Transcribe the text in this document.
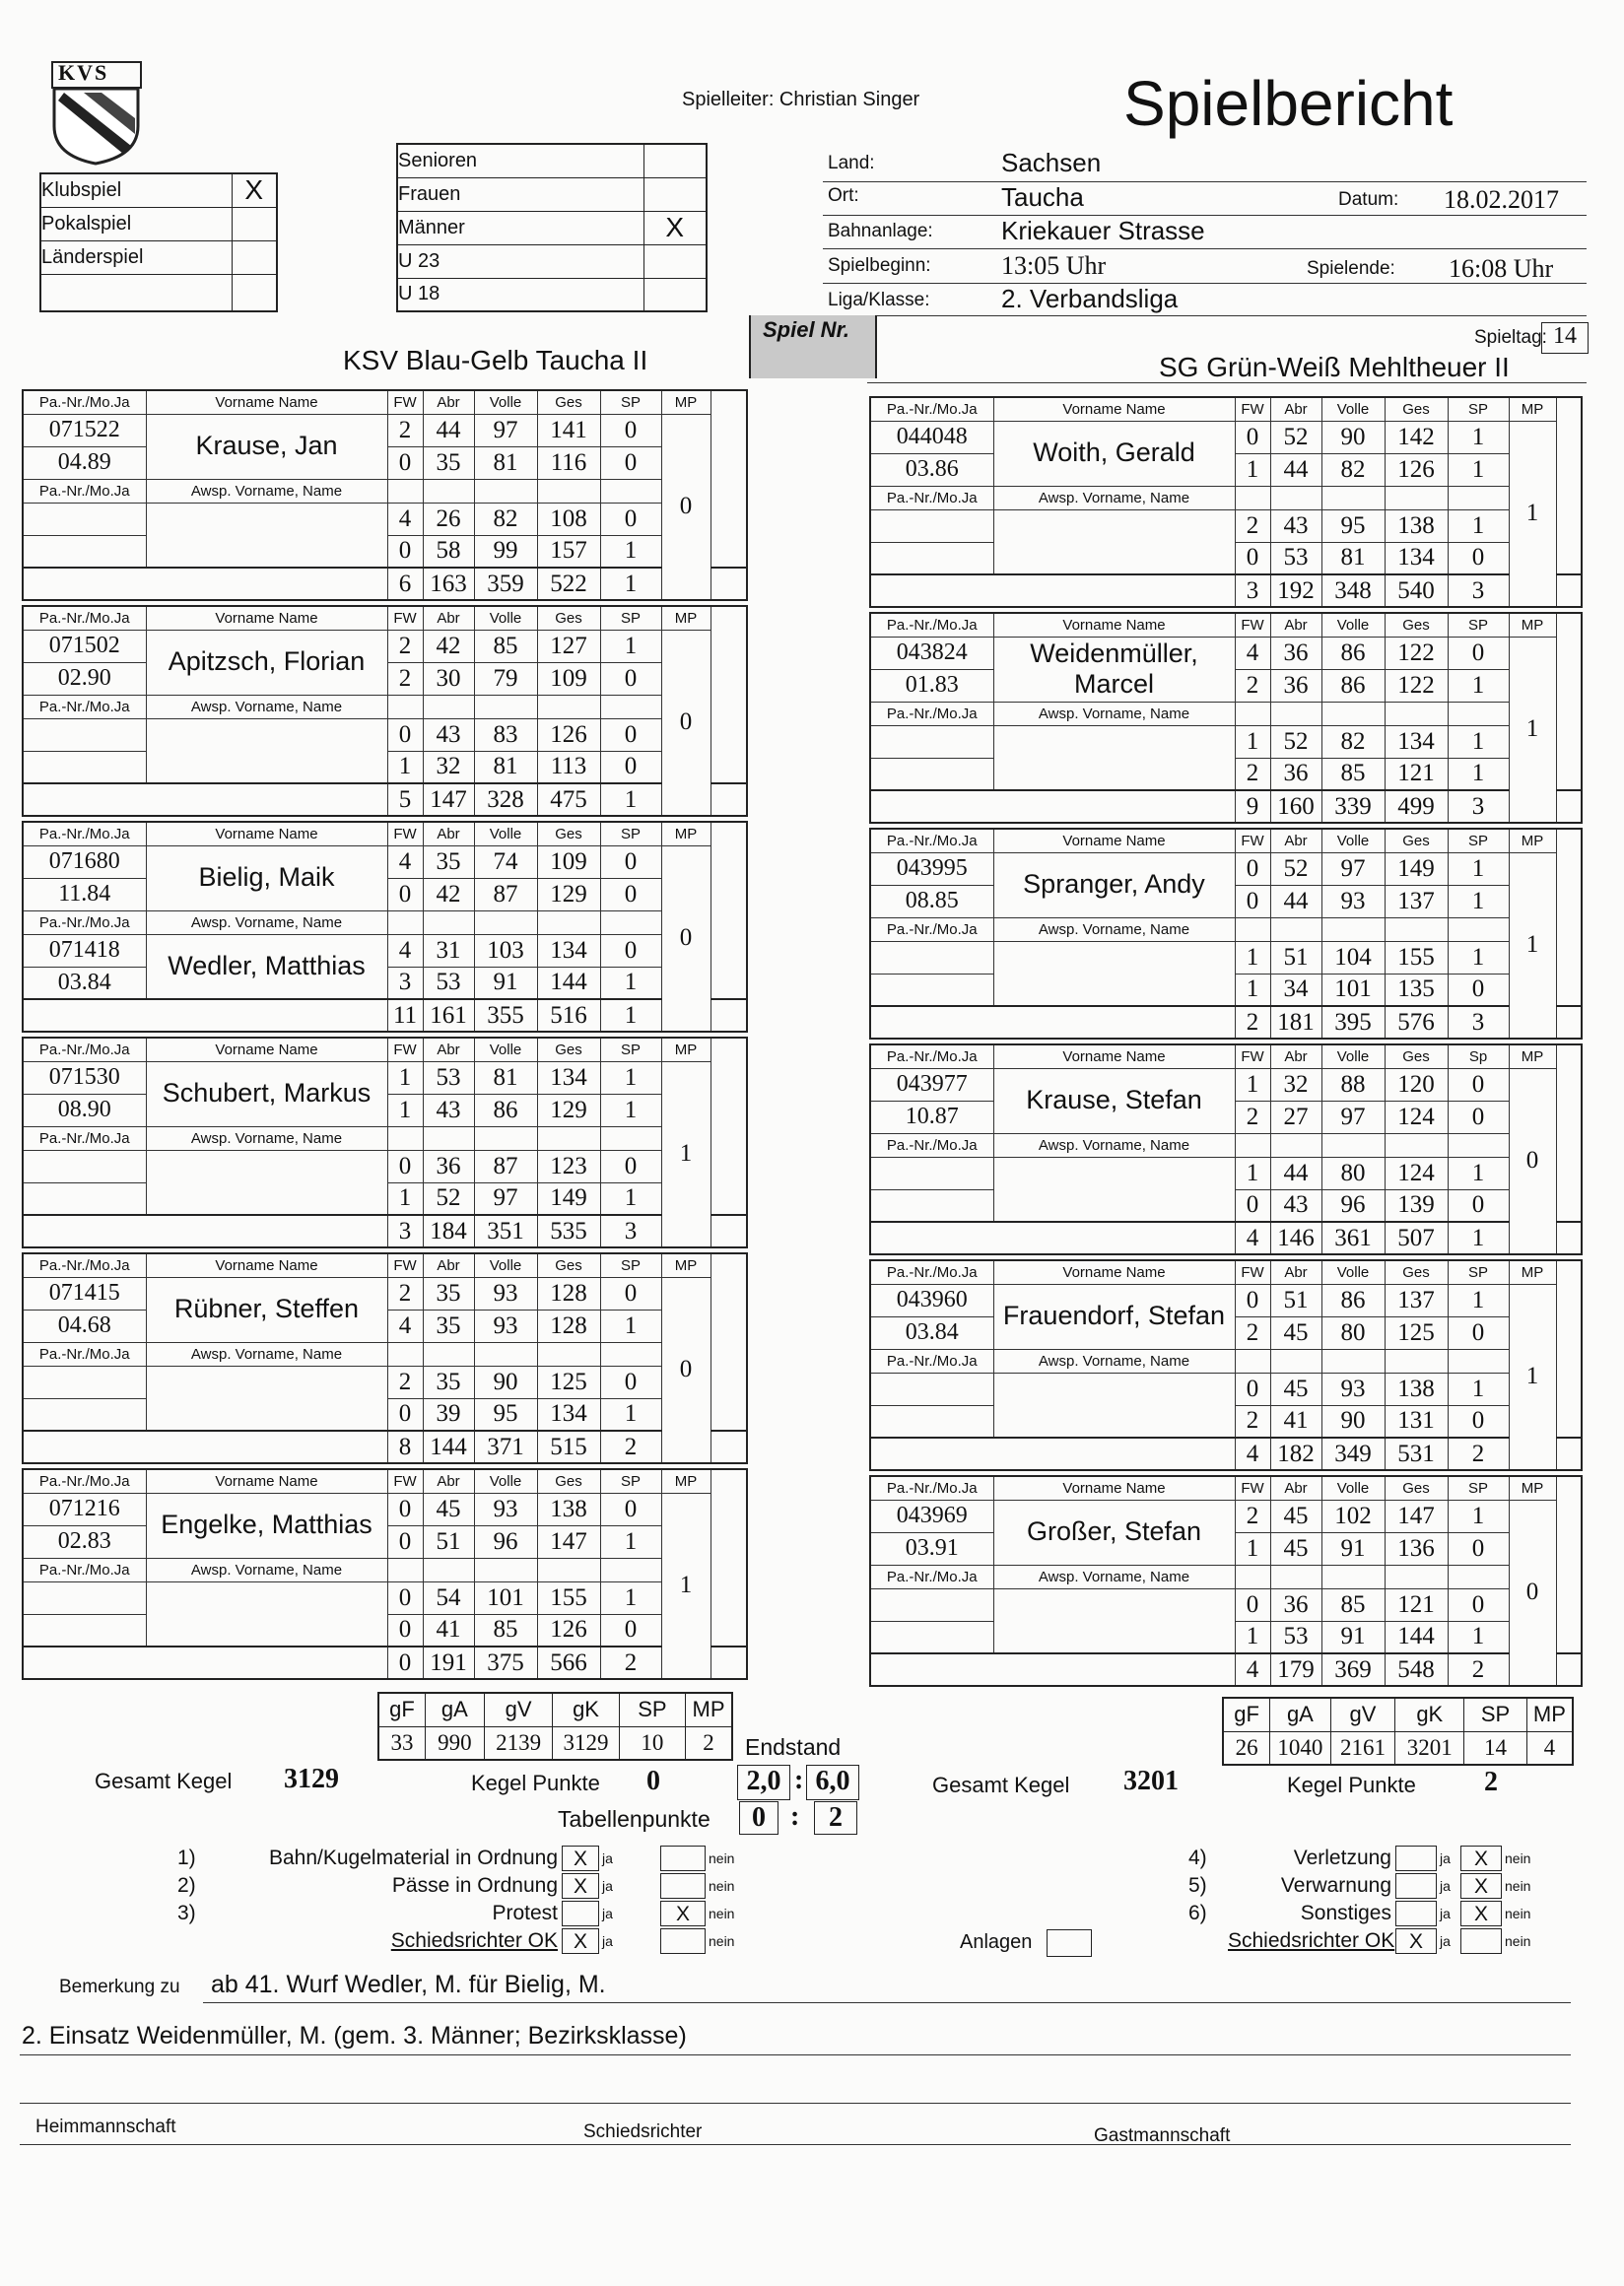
KVS
Spielleiter: Christian Singer	Spielbericht
Klubspiel	X
Pokalspiel	
Länderspiel	

Senioren	
Frauen	
Männer	X
U 23	
U 18	
Land:	Sachsen
Ort:	Taucha	Datum: 18.02.2017
Bahnanlage:	Kriekauer Strasse
Spielbeginn:	13:05 Uhr	Spielende: 16:08 Uhr
Liga/Klasse:	2. Verbandsliga
Spiel Nr.	Spieltag: 14
KSV Blau-Gelb Taucha II	SG Grün-Weiß Mehltheuer II
Pa.-Nr./Mo.Ja	Vorname Name	FW	Abr	Volle	Ges	SP	MP	
071522	Krause, Jan	2	44	97	141	0	0	
04.89		0	35	81	116	0		
Pa.-Nr./Mo.Ja	Awsp. Vorname, Name							
		4	26	82	108	0		
		0	58	99	157	1		
		6	163	359	522	1		
Pa.-Nr./Mo.Ja	Vorname Name	FW	Abr	Volle	Ges	SP	MP	
071502	Apitzsch, Florian	2	42	85	127	1	0	
02.90		2	30	79	109	0		
Pa.-Nr./Mo.Ja	Awsp. Vorname, Name							
		0	43	83	126	0		
		1	32	81	113	0		
		5	147	328	475	1		
Pa.-Nr./Mo.Ja	Vorname Name	FW	Abr	Volle	Ges	SP	MP	
071680	Bielig, Maik	4	35	74	109	0	0	
11.84		0	42	87	129	0		
Pa.-Nr./Mo.Ja	Awsp. Vorname, Name							
071418	Wedler, Matthias	4	31	103	134	0		
03.84		3	53	91	144	1		
		11	161	355	516	1		
Pa.-Nr./Mo.Ja	Vorname Name	FW	Abr	Volle	Ges	SP	MP	
071530	Schubert, Markus	1	53	81	134	1	1	
08.90		1	43	86	129	1		
Pa.-Nr./Mo.Ja	Awsp. Vorname, Name							
		0	36	87	123	0		
		1	52	97	149	1		
		3	184	351	535	3		
Pa.-Nr./Mo.Ja	Vorname Name	FW	Abr	Volle	Ges	SP	MP	
071415	Rübner, Steffen	2	35	93	128	0	0	
04.68		4	35	93	128	1		
Pa.-Nr./Mo.Ja	Awsp. Vorname, Name							
		2	35	90	125	0		
		0	39	95	134	1		
		8	144	371	515	2		
Pa.-Nr./Mo.Ja	Vorname Name	FW	Abr	Volle	Ges	SP	MP	
071216	Engelke, Matthias	0	45	93	138	0	1	
02.83		0	51	96	147	1		
Pa.-Nr./Mo.Ja	Awsp. Vorname, Name							
		0	54	101	155	1		
		0	41	85	126	0		
		0	191	375	566	2		
Pa.-Nr./Mo.Ja	Vorname Name	FW	Abr	Volle	Ges	SP	MP	
044048	Woith, Gerald	0	52	90	142	1	1	
03.86		1	44	82	126	1		
Pa.-Nr./Mo.Ja	Awsp. Vorname, Name							
		2	43	95	138	1		
		0	53	81	134	0		
		3	192	348	540	3		
Pa.-Nr./Mo.Ja	Vorname Name	FW	Abr	Volle	Ges	SP	MP	
043824	Weidenmüller, Marcel	4	36	86	122	0	1	
01.83		2	36	86	122	1		
Pa.-Nr./Mo.Ja	Awsp. Vorname, Name							
		1	52	82	134	1		
		2	36	85	121	1		
		9	160	339	499	3		
Pa.-Nr./Mo.Ja	Vorname Name	FW	Abr	Volle	Ges	SP	MP	
043995	Spranger, Andy	0	52	97	149	1	1	
08.85		0	44	93	137	1		
Pa.-Nr./Mo.Ja	Awsp. Vorname, Name							
		1	51	104	155	1		
		1	34	101	135	0		
		2	181	395	576	3		
Pa.-Nr./Mo.Ja	Vorname Name	FW	Abr	Volle	Ges	Sp	MP	
043977	Krause, Stefan	1	32	88	120	0	0	
10.87		2	27	97	124	0		
Pa.-Nr./Mo.Ja	Awsp. Vorname, Name							
		1	44	80	124	1		
		0	43	96	139	0		
		4	146	361	507	1		
Pa.-Nr./Mo.Ja	Vorname Name	FW	Abr	Volle	Ges	SP	MP	
043960	Frauendorf, Stefan	0	51	86	137	1	1	
03.84		2	45	80	125	0		
Pa.-Nr./Mo.Ja	Awsp. Vorname, Name							
		0	45	93	138	1		
		2	41	90	131	0		
		4	182	349	531	2		
Pa.-Nr./Mo.Ja	Vorname Name	FW	Abr	Volle	Ges	SP	MP	
043969	Großer, Stefan	2	45	102	147	1	0	
03.91		1	45	91	136	0		
Pa.-Nr./Mo.Ja	Awsp. Vorname, Name							
		0	36	85	121	0		
		1	53	91	144	1		
		4	179	369	548	2		
gF	gA	gV	gK	SP	MP
33	990	2139	3129	10	2
gF	gA	gV	gK	SP	MP
26	1040	2161	3201	14	4
Endstand
Gesamt Kegel 3129	Kegel Punkte 0	2,0 : 6,0	Gesamt Kegel 3201	Kegel Punkte 2
Tabellenpunkte	0 :	2
1)	Bahn/Kugelmaterial in Ordnung X	ja	nein
2)	Pässe in Ordnung X	ja	nein
3)	Protest	ja	X	nein
Schiedsrichter OK X	ja	nein
4)	Verletzung	ja	X	nein
5)	Verwarnung	ja	X	nein
6)	Sonstiges	ja	X	nein
Schiedsrichter OK X	ja	nein
Anlagen
Bemerkung zu ab 41. Wurf Wedler, M. für Bielig, M.
2. Einsatz Weidenmüller, M. (gem. 3. Männer; Bezirksklasse)
Heimmannschaft	Schiedsrichter	Gastmannschaft
